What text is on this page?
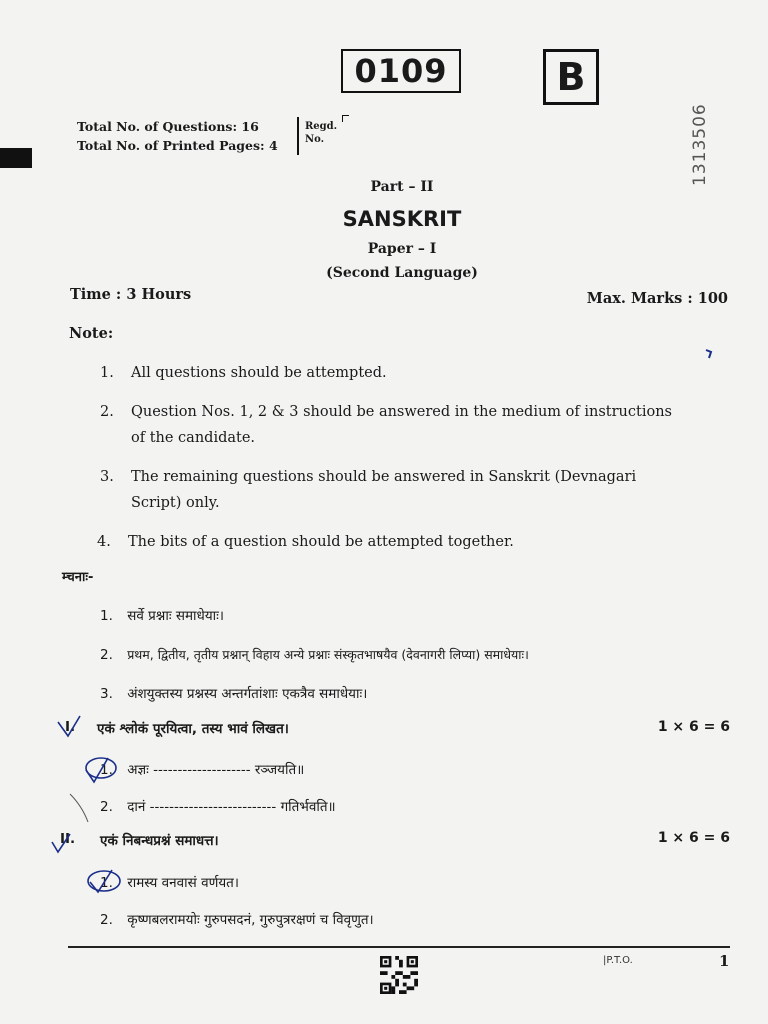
0109	B
Total No. of Questions: 16
Total No. of Printed Pages: 4
Regd.
No.	1313506
Part – II
SANSKRIT
Paper – I
(Second Language)
Time : 3 Hours	Max. Marks : 100
Note:
1. All questions should be attempted.
2. Question Nos. 1, 2 & 3 should be answered in the medium of instructions
of the candidate.
3. The remaining questions should be answered in Sanskrit (Devnagari
Script) only.
4. The bits of a question should be attempted together.
म्चनाः-
1. सर्वे प्रश्नाः समाधेयाः।
2. प्रथम, द्वितीय, तृतीय प्रश्नान् विहाय अन्ये प्रश्नाः संस्कृतभाषयैव (देवनागरी लिप्या) समाधेयाः।
3. अंशयुक्तस्य प्रश्नस्य अन्तर्गतांशाः एकत्रैव समाधेयाः।
I. एकं श्लोकं पूरयित्वा, तस्य भावं लिखत।	1 × 6 = 6
1. अज्ञः -------------------- रञ्जयति॥
2. दानं -------------------------- गतिर्भवति॥
II. एकं निबन्धप्रश्नं समाधत्त।	1 × 6 = 6
1. रामस्य वनवासं वर्णयत।
2. कृष्णबलरामयोः गुरुपसदनं, गुरुपुत्ररक्षणं च विवृणुत।
|P.T.O.	1
